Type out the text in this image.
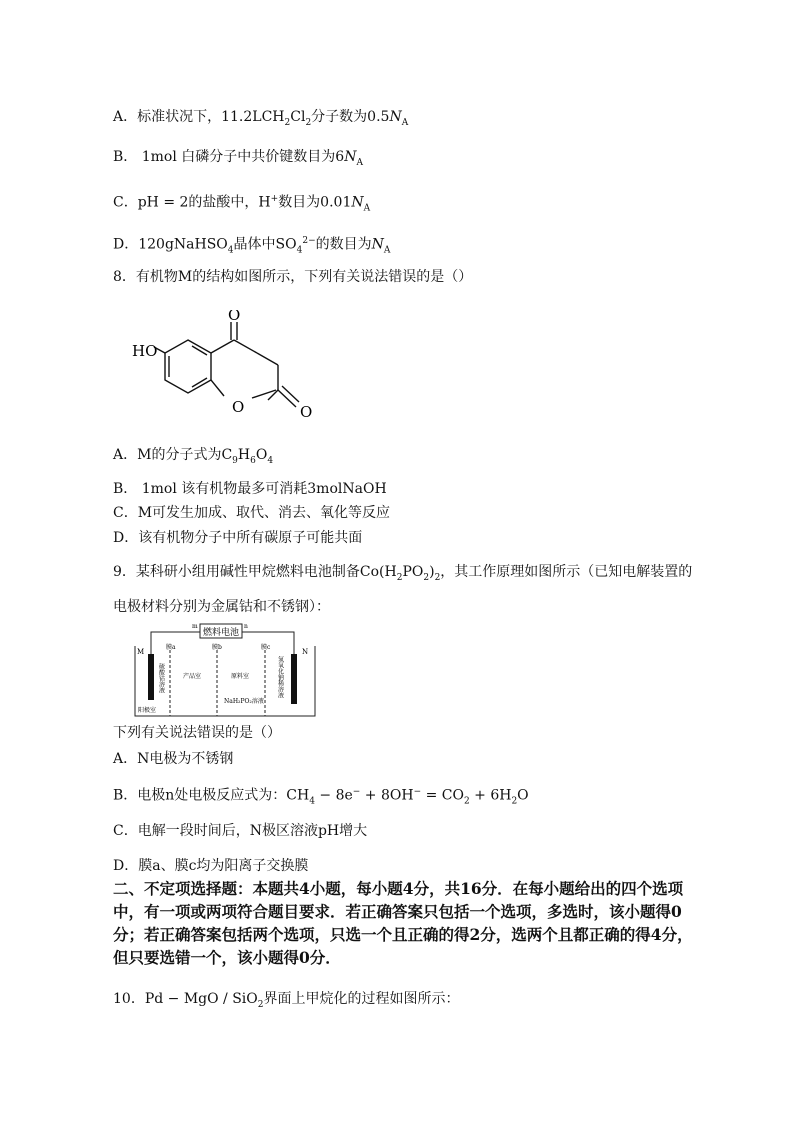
A．标准状况下，$11.2LCH_2Cl_2$分子数为$0.5N_A$
B． 1mol 白磷分子中共价键数目为$6N_A$
C．pH = 2的盐酸中，H+数目为$0.01N_A$
D．120gNaHSO$_4$晶体中$SO_4^{2-}$的数目为$N_A$
8．有机物M的结构如图所示，下列有关说法错误的是（）
HO
O
O	O
A．M的分子式为$C_9H_6O_4$
B． 1mol 该有机物最多可消耗3molNaOH
C．M可发生加成、取代、消去、氧化等反应
D．该有机物分子中所有碳原子可能共面
9．某科研小组用碱性甲烷燃料电池制备$Co(H_2PO_2)_2$，其工作原理如图所示（已知电解装置的
电极材料分别为金属钴和不锈钢）：
燃料电池
m	n
M	N
膜a	膜b	膜c
硫酸钴溶液	产品室	原料室
NaH₂PO₂溶液
氢氧化钠稀溶液
阳极室
下列有关说法错误的是（）
A．N电极为不锈钢
B．电极n处电极反应式为：$CH_4 - 8e^- + 8OH^- = CO_2 + 6H_2O$
C．电解一段时间后，N极区溶液pH增大
D．膜a、膜c均为阳离子交换膜
二、不定项选择题：本题共4小题，每小题4分，共16分．在每小题给出的四个选项中，有一项或两项符合题目要求．若正确答案只包括一个选项，多选时，该小题得0分；若正确答案包括两个选项，只选一个且正确的得2分，选两个且都正确的得4分，但只要选错一个，该小题得0分．
10．Pd − MgO / SiO$_2$界面上甲烷化的过程如图所示：
